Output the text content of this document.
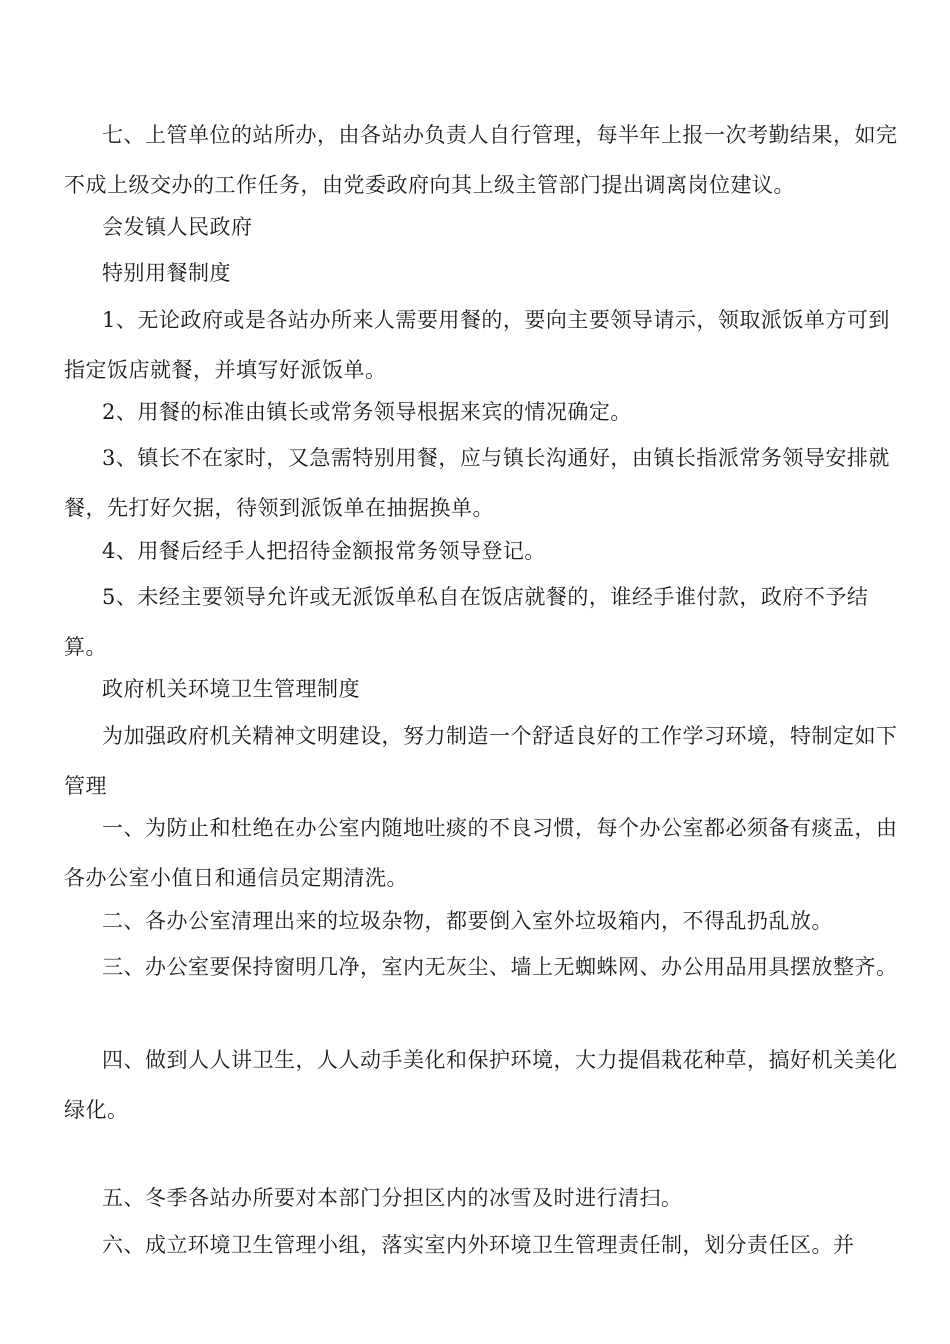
七、上管单位的站所办，由各站办负责人自行管理，每半年上报一次考勤结果，如完不成上级交办的工作任务，由党委政府向其上级主管部门提出调离岗位建议。

会发镇人民政府

特别用餐制度

1、无论政府或是各站办所来人需要用餐的，要向主要领导请示，领取派饭单方可到指定饭店就餐，并填写好派饭单。

2、用餐的标准由镇长或常务领导根据来宾的情况确定。

3、镇长不在家时，又急需特别用餐，应与镇长沟通好，由镇长指派常务领导安排就餐，先打好欠据，待领到派饭单在抽据换单。

4、用餐后经手人把招待金额报常务领导登记。

5、未经主要领导允许或无派饭单私自在饭店就餐的，谁经手谁付款，政府不予结算。

政府机关环境卫生管理制度

为加强政府机关精神文明建设，努力制造一个舒适良好的工作学习环境，特制定如下管理

一、为防止和杜绝在办公室内随地吐痰的不良习惯，每个办公室都必须备有痰盂，由各办公室小值日和通信员定期清洗。

二、各办公室清理出来的垃圾杂物，都要倒入室外垃圾箱内，不得乱扔乱放。

三、办公室要保持窗明几净，室内无灰尘、墙上无蜘蛛网、办公用品用具摆放整齐。

四、做到人人讲卫生，人人动手美化和保护环境，大力提倡栽花种草，搞好机关美化绿化。

五、冬季各站办所要对本部门分担区内的冰雪及时进行清扫。

六、成立环境卫生管理小组，落实室内外环境卫生管理责任制，划分责任区。并
